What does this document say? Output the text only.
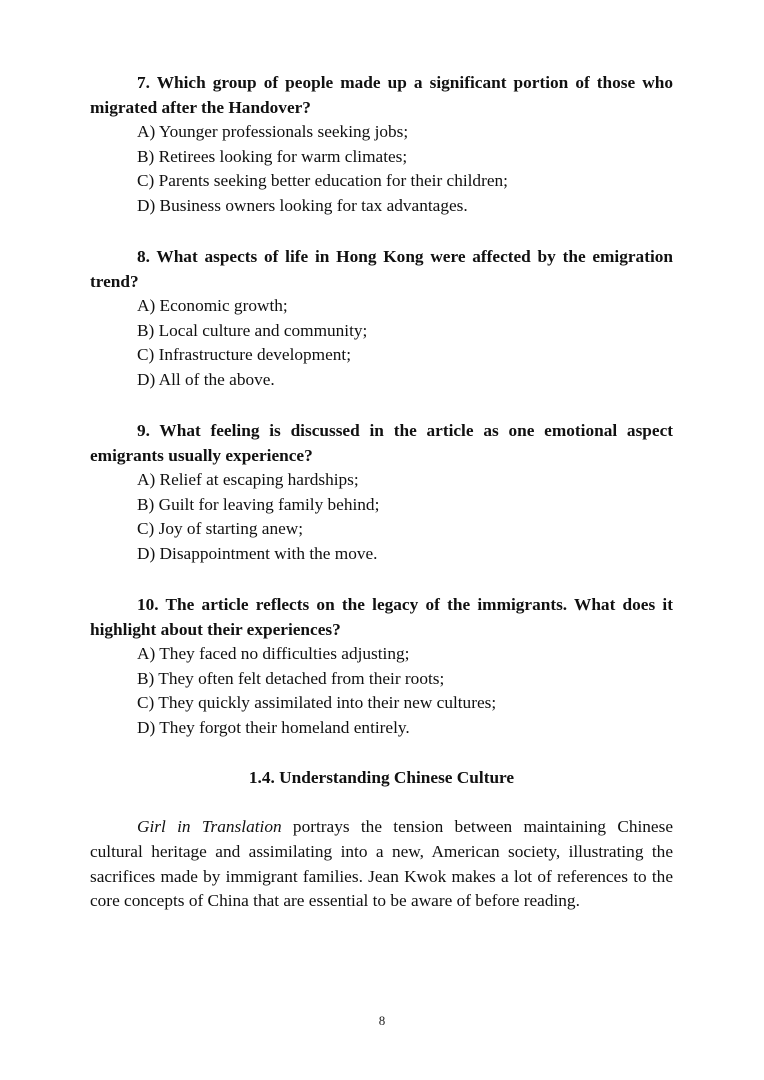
7. Which group of people made up a significant portion of those who migrated after the Handover?

A) Younger professionals seeking jobs;

B) Retirees looking for warm climates;

C) Parents seeking better education for their children;

D) Business owners looking for tax advantages.

8. What aspects of life in Hong Kong were affected by the emigration trend?

A) Economic growth;

B) Local culture and community;

C) Infrastructure development;

D) All of the above.

9. What feeling is discussed in the article as one emotional aspect emigrants usually experience?

A) Relief at escaping hardships;

B) Guilt for leaving family behind;

C) Joy of starting anew;

D) Disappointment with the move.

10. The article reflects on the legacy of the immigrants. What does it highlight about their experiences?

A) They faced no difficulties adjusting;

B) They often felt detached from their roots;

C) They quickly assimilated into their new cultures;

D) They forgot their homeland entirely.

1.4. Understanding Chinese Culture

Girl in Translation portrays the tension between maintaining Chinese cultural heritage and assimilating into a new, American society, illustrating the sacrifices made by immigrant families. Jean Kwok makes a lot of references to the core concepts of China that are essential to be aware of before reading.

8
